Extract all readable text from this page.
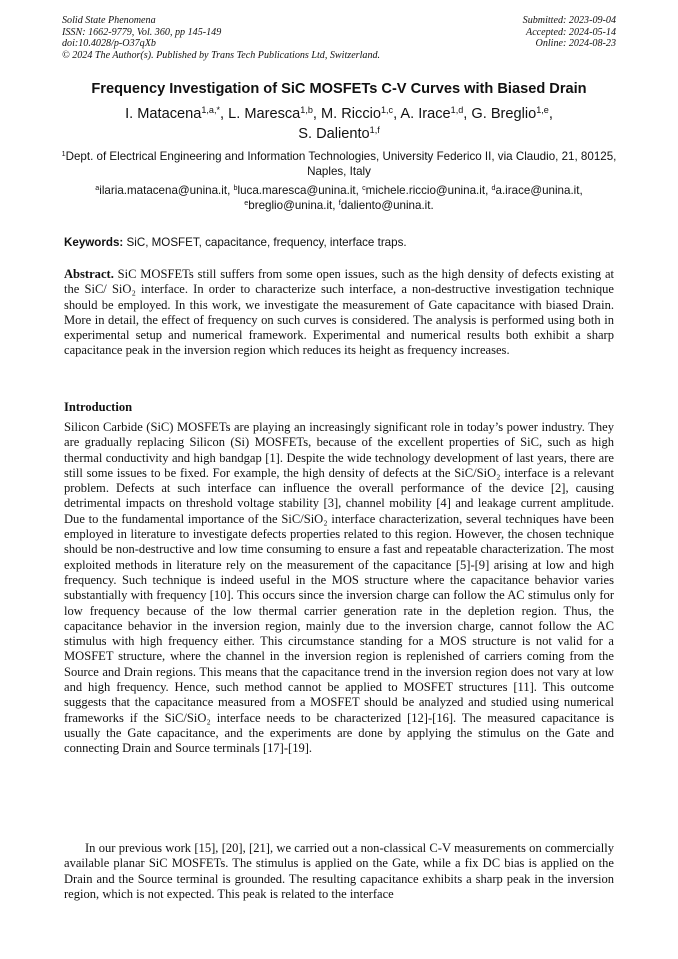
Solid State Phenomena
ISSN: 1662-9779, Vol. 360, pp 145-149
doi:10.4028/p-O37qXb
© 2024 The Author(s). Published by Trans Tech Publications Ltd, Switzerland.
Submitted: 2023-09-04
Accepted: 2024-05-14
Online: 2024-08-23
Frequency Investigation of SiC MOSFETs C-V Curves with Biased Drain
I. Matacena$^{1,a,*}$, L. Maresca$^{1,b}$, M. Riccio$^{1,c}$, A. Irace$^{1,d}$, G. Breglio$^{1,e}$,
S. Daliento$^{1,f}$
$^1$Dept. of Electrical Engineering and Information Technologies, University Federico II, via Claudio, 21, 80125, Naples, Italy
$^a$ilaria.matacena@unina.it, $^b$luca.maresca@unina.it, $^c$michele.riccio@unina.it, $^d$a.irace@unina.it,
$^e$breglio@unina.it, $^f$daliento@unina.it.
Keywords: SiC, MOSFET, capacitance, frequency, interface traps.
Abstract. SiC MOSFETs still suffers from some open issues, such as the high density of defects existing at the SiC/ SiO₂ interface. In order to characterize such interface, a non-destructive investigation technique should be employed. In this work, we investigate the measurement of Gate capacitance with biased Drain. More in detail, the effect of frequency on such curves is considered. The analysis is performed using both in experimental setup and numerical framework. Experimental and numerical results both exhibit a sharp capacitance peak in the inversion region which reduces its height as frequency increases.
Introduction
Silicon Carbide (SiC) MOSFETs are playing an increasingly significant role in today’s power industry. They are gradually replacing Silicon (Si) MOSFETs, because of the excellent properties of SiC, such as high thermal conductivity and high bandgap [1]. Despite the wide technology development of last years, there are still some issues to be fixed. For example, the high density of defects at the SiC/SiO₂ interface is a relevant problem. Defects at such interface can influence the overall performance of the device [2], causing detrimental impacts on threshold voltage stability [3], channel mobility [4] and leakage current amplitude. Due to the fundamental importance of the SiC/SiO₂ interface characterization, several techniques have been employed in literature to investigate defects properties related to this region. However, the chosen technique should be non-destructive and low time consuming to ensure a fast and repeatable characterization. The most exploited methods in literature rely on the measurement of the capacitance [5]-[9] arising at low and high frequency. Such technique is indeed useful in the MOS structure where the capacitance behavior varies substantially with frequency [10]. This occurs since the inversion charge can follow the AC stimulus only for low frequency because of the low thermal carrier generation rate in the depletion region. Thus, the capacitance behavior in the inversion region, mainly due to the inversion charge, cannot follow the AC stimulus with high frequency either. This circumstance standing for a MOS structure is not valid for a MOSFET structure, where the channel in the inversion region is replenished of carriers coming from the Source and Drain regions. This means that the capacitance trend in the inversion region does not vary at low and high frequency. Hence, such method cannot be applied to MOSFET structures [11]. This outcome suggests that the capacitance measured from a MOSFET should be analyzed and studied using numerical frameworks if the SiC/SiO₂ interface needs to be characterized [12]-[16]. The measured capacitance is usually the Gate capacitance, and the experiments are done by applying the stimulus on the Gate and connecting Drain and Source terminals [17]-[19].
In our previous work [15], [20], [21], we carried out a non-classical C-V measurements on commercially available planar SiC MOSFETs. The stimulus is applied on the Gate, while a fix DC bias is applied on the Drain and the Source terminal is grounded. The resulting capacitance exhibits a sharp peak in the inversion region, which is not expected. This peak is related to the interface
